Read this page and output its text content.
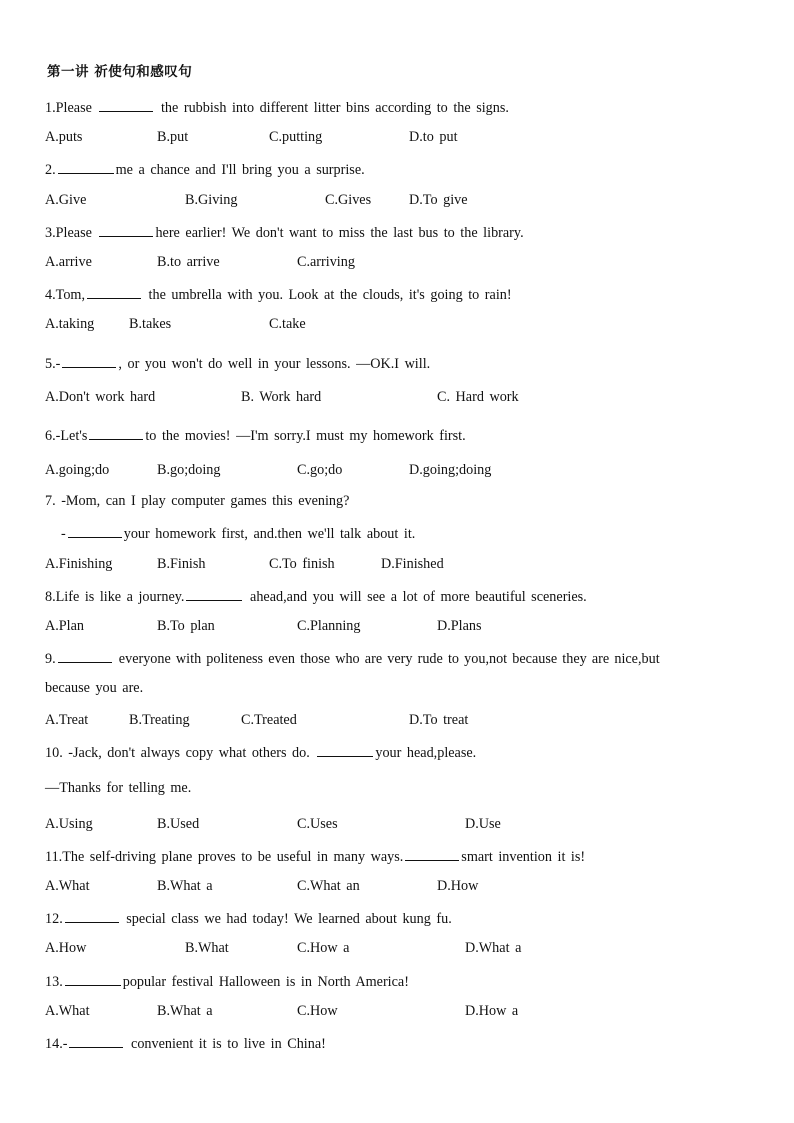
第一讲 祈使句和感叹句
1.Please	the rubbish into different litter bins according to the signs.
A.puts	B.put	C.putting	D.to put
2.	me a chance and I'll bring you a surprise.
A.Give	B.Giving	C.Gives	D.To give
3.Please	here earlier! We don't want to miss the last bus to the library.
A.arrive	B.to arrive	C.arriving
4.Tom,	the umbrella with you. Look at the clouds, it's going to rain!
A.taking B.takes	C.take
5.-	, or you won't do well in your lessons. —OK.I will.
A.Don't work hard	B. Work hard	C. Hard work
6.-Let's	to the movies! —I'm sorry.I must my homework first.
A.going;do	B.go;doing	C.go;do	D.going;doing
7. -Mom, can I play computer games this evening?
-	your homework first, and.then we'll talk about it.
A.Finishing	B.Finish	C.To finish	D.Finished
8.Life is like a journey.	ahead,and you will see a lot of more beautiful sceneries.
A.Plan	B.To plan	C.Planning	D.Plans
9.	everyone with politeness even those who are very rude to you,not because they are nice,but
because you are.
A.Treat	B.Treating	C.Treated	D.To treat
10. -Jack, don't always copy what others do.	your head,please.
—Thanks for telling me.
A.Using	B.Used	C.Uses	D.Use
11.The self-driving plane proves to be useful in many ways.	smart invention it is!
A.What	B.What a	C.What an	D.How
12.	special class we had today! We learned about kung fu.
A.How	B.What	C.How a	D.What a
13.	popular festival Halloween is in North America!
A.What	B.What a	C.How	D.How a
14.-	convenient it is to live in China!
